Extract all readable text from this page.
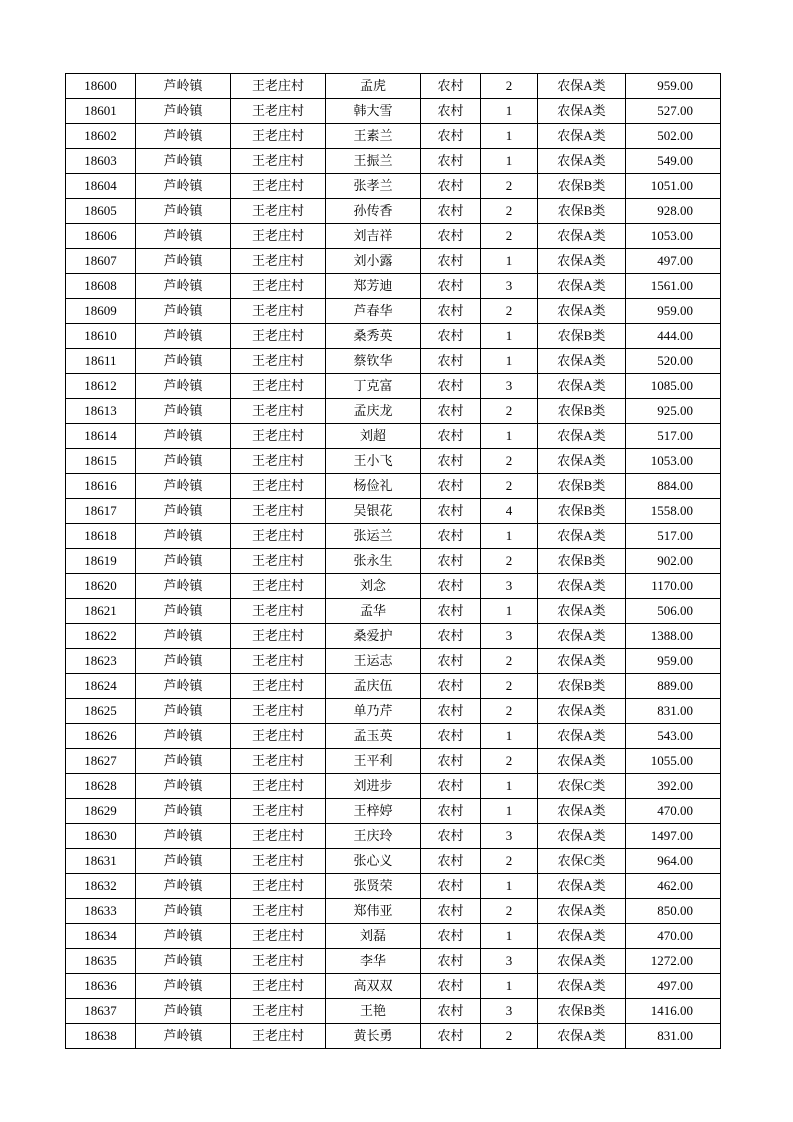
18600	芦岭镇	王老庄村	孟虎	农村	2	农保A类	959.00
18601	芦岭镇	王老庄村	韩大雪	农村	1	农保A类	527.00
18602	芦岭镇	王老庄村	王素兰	农村	1	农保A类	502.00
18603	芦岭镇	王老庄村	王振兰	农村	1	农保A类	549.00
18604	芦岭镇	王老庄村	张孝兰	农村	2	农保B类	1051.00
18605	芦岭镇	王老庄村	孙传香	农村	2	农保B类	928.00
18606	芦岭镇	王老庄村	刘吉祥	农村	2	农保A类	1053.00
18607	芦岭镇	王老庄村	刘小露	农村	1	农保A类	497.00
18608	芦岭镇	王老庄村	郑芳迪	农村	3	农保A类	1561.00
18609	芦岭镇	王老庄村	芦春华	农村	2	农保A类	959.00
18610	芦岭镇	王老庄村	桑秀英	农村	1	农保B类	444.00
18611	芦岭镇	王老庄村	蔡钦华	农村	1	农保A类	520.00
18612	芦岭镇	王老庄村	丁克富	农村	3	农保A类	1085.00
18613	芦岭镇	王老庄村	孟庆龙	农村	2	农保B类	925.00
18614	芦岭镇	王老庄村	刘超	农村	1	农保A类	517.00
18615	芦岭镇	王老庄村	王小飞	农村	2	农保A类	1053.00
18616	芦岭镇	王老庄村	杨俭礼	农村	2	农保B类	884.00
18617	芦岭镇	王老庄村	吴银花	农村	4	农保B类	1558.00
18618	芦岭镇	王老庄村	张运兰	农村	1	农保A类	517.00
18619	芦岭镇	王老庄村	张永生	农村	2	农保B类	902.00
18620	芦岭镇	王老庄村	刘念	农村	3	农保A类	1170.00
18621	芦岭镇	王老庄村	孟华	农村	1	农保A类	506.00
18622	芦岭镇	王老庄村	桑爱护	农村	3	农保A类	1388.00
18623	芦岭镇	王老庄村	王运志	农村	2	农保A类	959.00
18624	芦岭镇	王老庄村	孟庆伍	农村	2	农保B类	889.00
18625	芦岭镇	王老庄村	单乃芹	农村	2	农保A类	831.00
18626	芦岭镇	王老庄村	孟玉英	农村	1	农保A类	543.00
18627	芦岭镇	王老庄村	王平利	农村	2	农保A类	1055.00
18628	芦岭镇	王老庄村	刘进步	农村	1	农保C类	392.00
18629	芦岭镇	王老庄村	王梓婷	农村	1	农保A类	470.00
18630	芦岭镇	王老庄村	王庆玲	农村	3	农保A类	1497.00
18631	芦岭镇	王老庄村	张心义	农村	2	农保C类	964.00
18632	芦岭镇	王老庄村	张贤荣	农村	1	农保A类	462.00
18633	芦岭镇	王老庄村	郑伟亚	农村	2	农保A类	850.00
18634	芦岭镇	王老庄村	刘磊	农村	1	农保A类	470.00
18635	芦岭镇	王老庄村	李华	农村	3	农保A类	1272.00
18636	芦岭镇	王老庄村	高双双	农村	1	农保A类	497.00
18637	芦岭镇	王老庄村	王艳	农村	3	农保B类	1416.00
18638	芦岭镇	王老庄村	黄长勇	农村	2	农保A类	831.00
